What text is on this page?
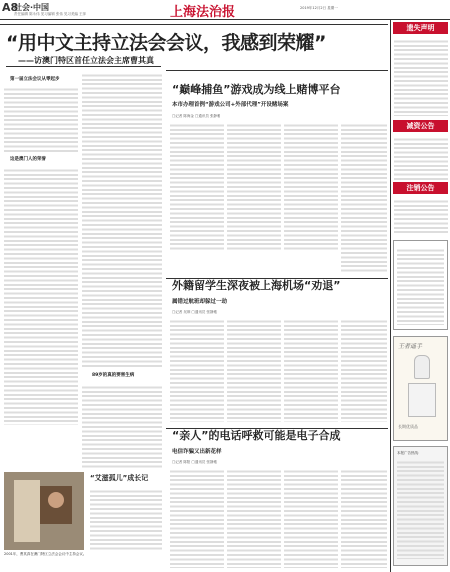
A8
社会·中国
责任编辑 陈永伟 见习编辑 张伟 见习美编 王萍	上海法治报	2019年12月2日 星期一
“用中文主持立法会会议，我感到荣耀”
——访澳门特区首任立法会主席曹其真
第一届立法会议从零起步
这是澳门人的荣誉
89岁的真的要害生病
“艾滋孤儿”成长记
2001年，曹其真在澳门特区立法会会议中主持会议。
“巅峰捕鱼”游戏成为线上赌博平台
本市办理首例“游戏公司+外部代理”开设赌场案
□记者 陈海金 □通讯员 张静雅
外籍留学生深夜被上海机场“劝退”
属错过航班却躲过一劫
□记者 吴荆 □通讯员 张静雅
“亲人”的电话呼救可能是电子合成
电信诈骗又出新花样
□记者 陈阳 □通讯员 张静雅
遗失声明
减资公告
注销公告
王者遥手
长期优质品
本报广告热线：
